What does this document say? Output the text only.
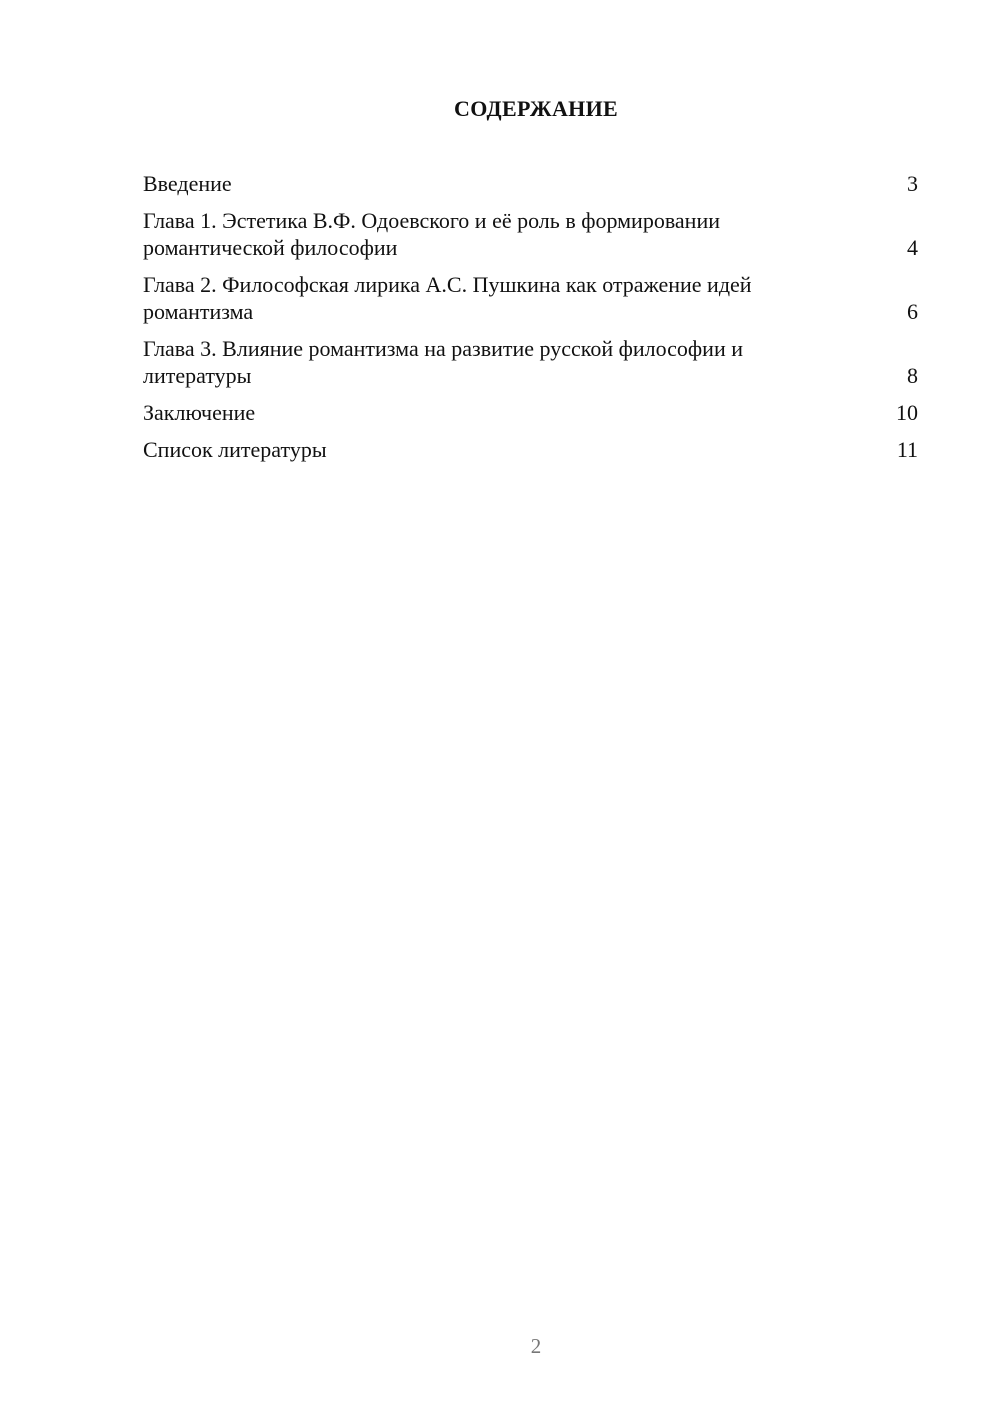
СОДЕРЖАНИЕ
Введение	3
Глава 1. Эстетика В.Ф. Одоевского и её роль в формировании романтической философии	4
Глава 2. Философская лирика А.С. Пушкина как отражение идей романтизма	6
Глава 3. Влияние романтизма на развитие русской философии и литературы	8
Заключение	10
Список литературы	11
2
